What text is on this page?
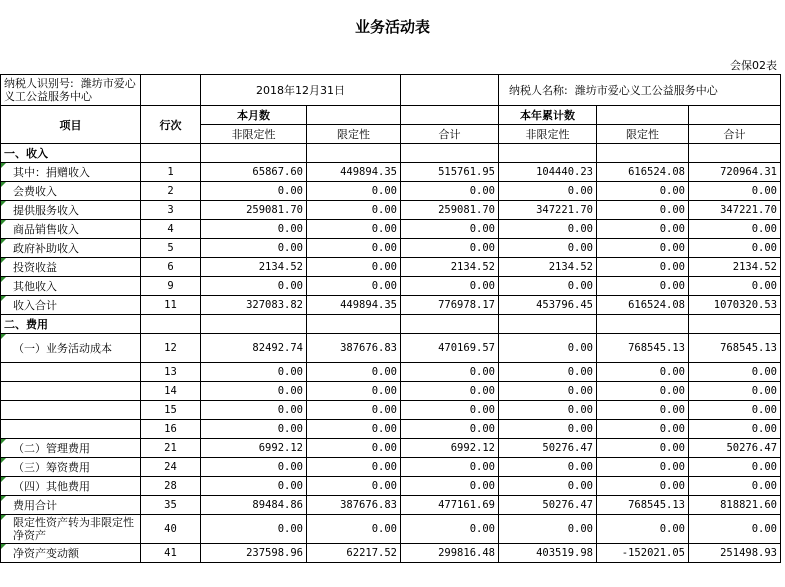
业务活动表
会保02表
纳税人识别号: 潍坊市爱心义工公益服务中心		2018年12月31日			纳税人名称: 潍坊市爱心义工公益服务中心		
项目	行次	本月数			本年累计数		
		非限定性	限定性	合计	非限定性	限定性	合计
一、收入							
其中：捐赠收入	1	65867.60	449894.35	515761.95	104440.23	616524.08	720964.31
会费收入	2	0.00	0.00	0.00	0.00	0.00	0.00
提供服务收入	3	259081.70	0.00	259081.70	347221.70	0.00	347221.70
商品销售收入	4	0.00	0.00	0.00	0.00	0.00	0.00
政府补助收入	5	0.00	0.00	0.00	0.00	0.00	0.00
投资收益	6	2134.52	0.00	2134.52	2134.52	0.00	2134.52
其他收入	9	0.00	0.00	0.00	0.00	0.00	0.00
收入合计	11	327083.82	449894.35	776978.17	453796.45	616524.08	1070320.53
二、费用							
（一）业务活动成本	12	82492.74	387676.83	470169.57	0.00	768545.13	768545.13
	13	0.00	0.00	0.00	0.00	0.00	0.00
	14	0.00	0.00	0.00	0.00	0.00	0.00
	15	0.00	0.00	0.00	0.00	0.00	0.00
	16	0.00	0.00	0.00	0.00	0.00	0.00
（二）管理费用	21	6992.12	0.00	6992.12	50276.47	0.00	50276.47
（三）筹资费用	24	0.00	0.00	0.00	0.00	0.00	0.00
（四）其他费用	28	0.00	0.00	0.00	0.00	0.00	0.00
费用合计	35	89484.86	387676.83	477161.69	50276.47	768545.13	818821.60
限定性资产转为非限定性净资产	40	0.00	0.00	0.00	0.00	0.00	0.00
净资产变动额	41	237598.96	62217.52	299816.48	403519.98	-152021.05	251498.93
